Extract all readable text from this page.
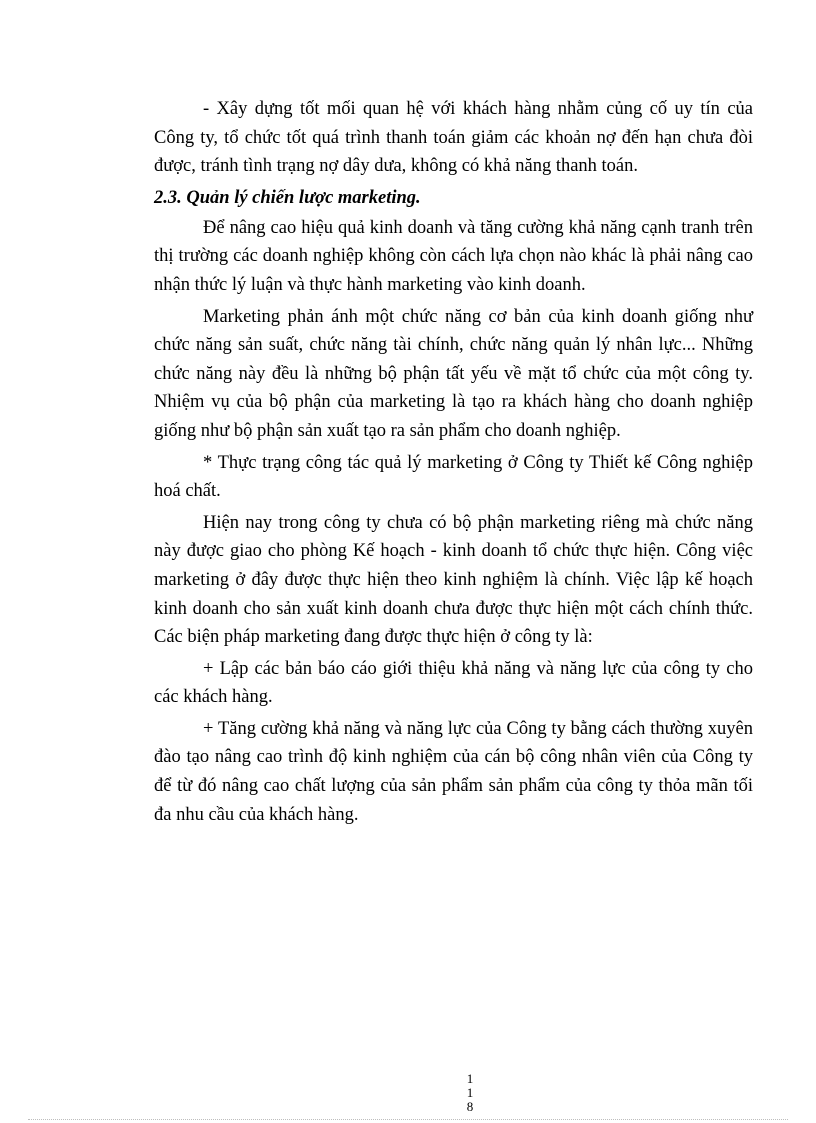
- Xây dựng tốt mối quan hệ với khách hàng nhằm củng cố uy tín của Công ty, tổ chức tốt quá trình thanh toán giảm các khoản nợ đến hạn chưa đòi được, tránh tình trạng nợ dây dưa, không có khả năng thanh toán.

2.3. Quản lý chiến lược marketing.

Để nâng cao hiệu quả kinh doanh và tăng cường khả năng cạnh tranh trên thị trường các doanh nghiệp không còn cách lựa chọn nào khác là phải nâng cao nhận thức lý luận và thực hành marketing vào kinh doanh.

Marketing phản ánh một chức năng cơ bản của kinh doanh giống như chức năng sản suất, chức năng tài chính, chức năng quản lý nhân lực... Những chức năng này đều là những bộ phận tất yếu về mặt tổ chức của một công ty. Nhiệm vụ của bộ phận của marketing là tạo ra khách hàng cho doanh nghiệp giống như bộ phận sản xuất tạo ra sản phẩm cho doanh nghiệp.

* Thực trạng công tác quả lý marketing ở Công ty Thiết kế Công nghiệp hoá chất.

Hiện nay trong công ty chưa có bộ phận marketing riêng mà chức năng này được giao cho phòng Kế hoạch - kinh doanh tổ chức thực hiện. Công việc marketing ở đây được thực hiện theo kinh nghiệm là chính. Việc lập kế hoạch kinh doanh cho sản xuất kinh doanh chưa được thực hiện một cách chính thức. Các biện pháp marketing đang được thực hiện ở công ty là:

+ Lập các bản báo cáo giới thiệu khả năng và năng lực của công ty cho các khách hàng.

+ Tăng cường khả năng và năng lực của Công ty bằng cách thường xuyên đào tạo nâng cao trình độ kinh nghiệm của cán bộ công nhân viên của Công ty để từ đó nâng cao chất lượng của sản phẩm sản phẩm của công ty thỏa mãn tối đa nhu cầu của khách hàng.

1
1
8
